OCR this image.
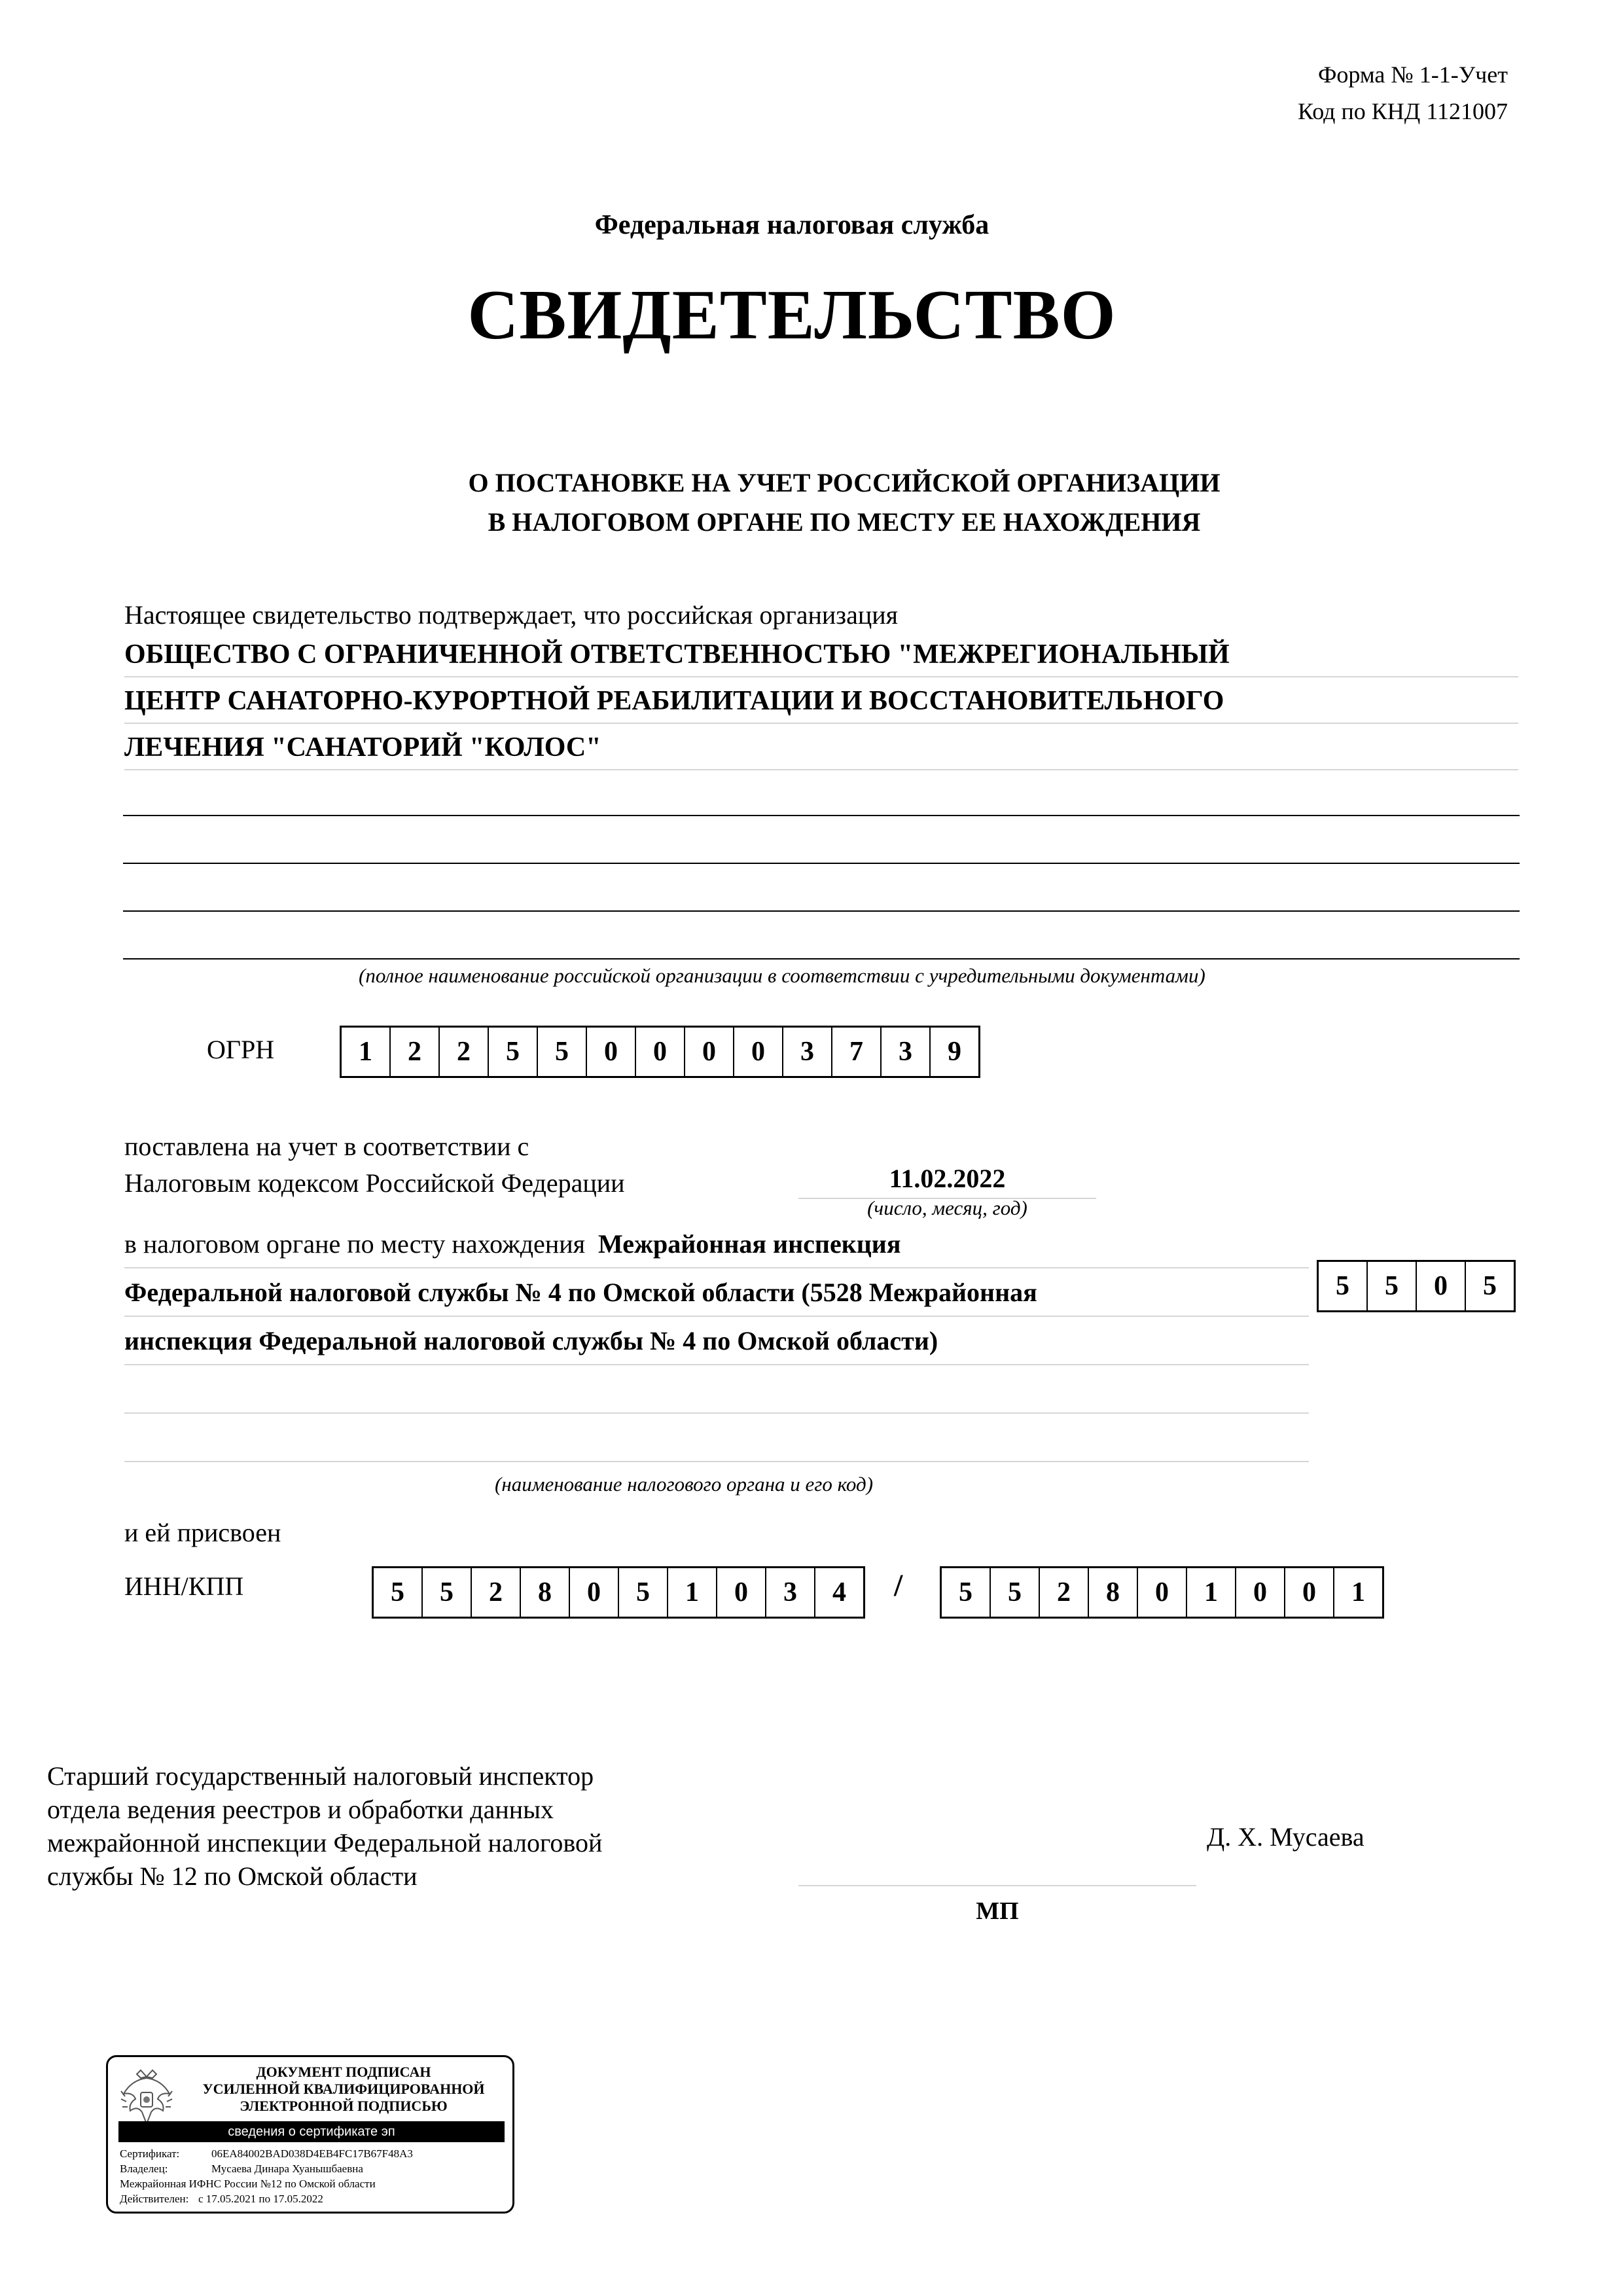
Форма № 1-1-Учет
Код по КНД 1121007
Федеральная налоговая служба
СВИДЕТЕЛЬСТВО
О ПОСТАНОВКЕ НА УЧЕТ РОССИЙСКОЙ ОРГАНИЗАЦИИ
В НАЛОГОВОМ ОРГАНЕ ПО МЕСТУ ЕЕ НАХОЖДЕНИЯ
Настоящее свидетельство подтверждает, что российская организация
ОБЩЕСТВО С ОГРАНИЧЕННОЙ ОТВЕТСТВЕННОСТЬЮ "МЕЖРЕГИОНАЛЬНЫЙ
ЦЕНТР САНАТОРНО-КУРОРТНОЙ РЕАБИЛИТАЦИИ И ВОССТАНОВИТЕЛЬНОГО
ЛЕЧЕНИЯ "САНАТОРИЙ "КОЛОС"
(полное наименование российской организации в соответствии с учредительными документами)
ОГРН	1	2	2	5	5	0	0	0	0	3	7	3	9
поставлена на учет в соответствии с
Налоговым кодексом Российской Федерации	11.02.2022
(число, месяц, год)
в налоговом органе по месту нахождения Межрайонная инспекция
Федеральной налоговой службы № 4 по Омской области (5528 Межрайонная
инспекция Федеральной налоговой службы № 4 по Омской области)
5	5	0	5
(наименование налогового органа и его код)
и ей присвоен
ИНН/КПП	5	5	2	8	0	5	1	0	3	4	/	5	5	2	8	0	1	0	0	1
Старший государственный налоговый инспектор
отдела ведения реестров и обработки данных
межрайонной инспекции Федеральной налоговой
службы № 12 по Омской области
Д. Х. Мусаева
МП
ДОКУМЕНТ ПОДПИСАН
УСИЛЕННОЙ КВАЛИФИЦИРОВАННОЙ
ЭЛЕКТРОННОЙ ПОДПИСЬЮ
сведения о сертификате эп
Сертификат:	06EA84002BAD038D4EB4FC17B67F48A3
Владелец:	Мусаева Динара Хуанышбаевна
Межрайонная ИФНС России №12 по Омской области
Действителен: с 17.05.2021 по 17.05.2022
